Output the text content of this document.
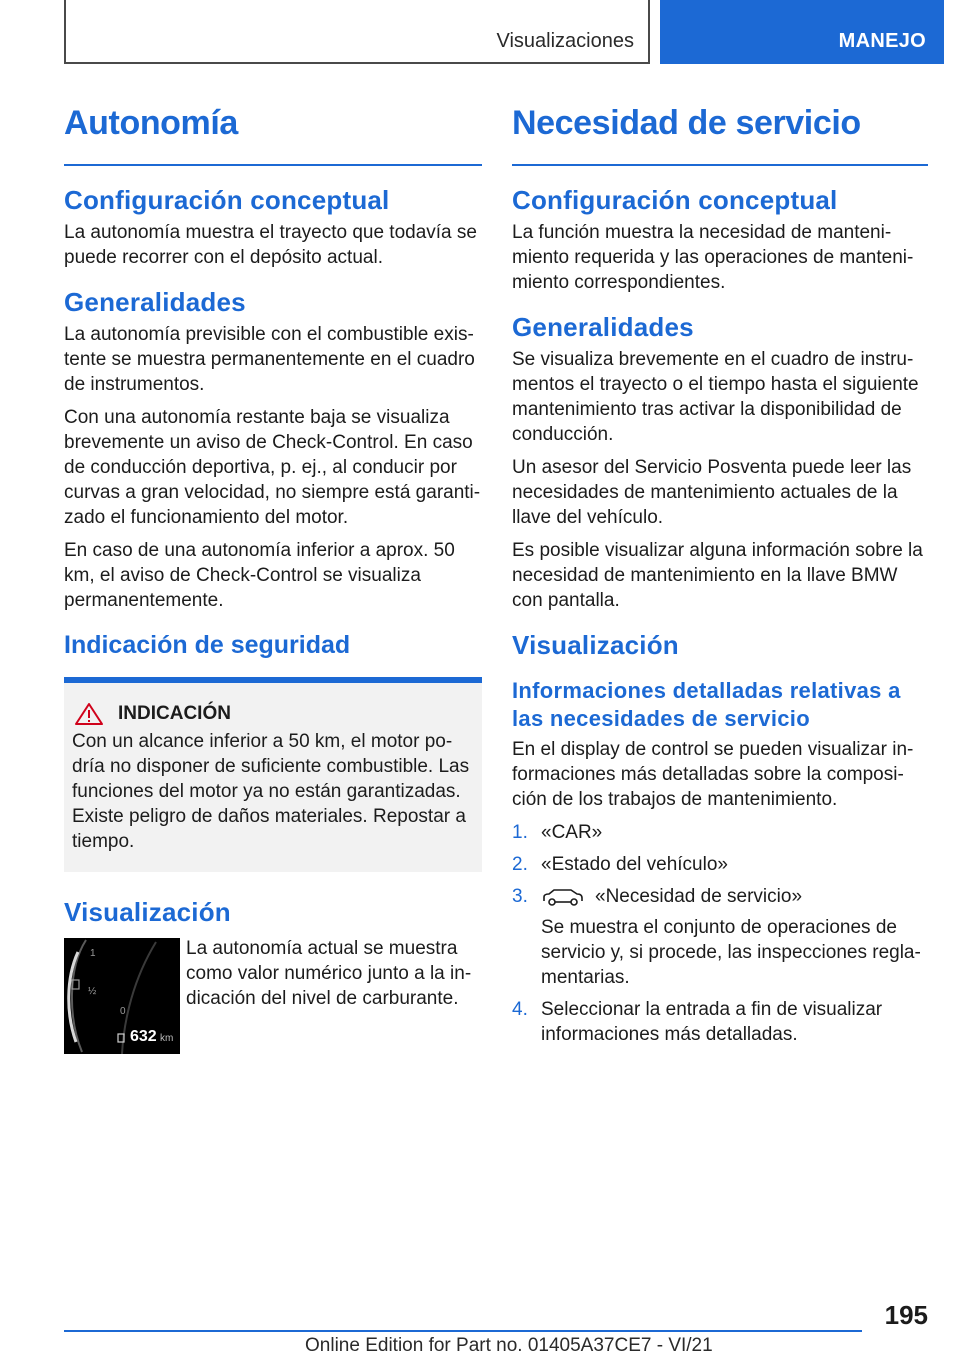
Visualizaciones	MANEJO
Autonomía
Configuración conceptual

La autonomía muestra el trayecto que todavía se puede recorrer con el depósito actual.

Generalidades

La autonomía previsible con el combustible existente se muestra permanentemente en el cuadro de instrumentos.

Con una autonomía restante baja se visualiza brevemente un aviso de Check-Control. En caso de conducción deportiva, p. ej., al conducir por curvas a gran velocidad, no siempre está garantizado el funcionamiento del motor.

En caso de una autonomía inferior a aprox. 50 km, el aviso de Check-Control se visualiza permanentemente.

Indicación de seguridad
INDICACIÓN

Con un alcance inferior a 50 km, el motor podría no disponer de suficiente combustible. Las funciones del motor ya no están garantizadas. Existe peligro de daños materiales. Repostar a tiempo.

Visualización
1
½
0
632 km

La autonomía actual se muestra como valor numérico junto a la indicación del nivel de carburante.

Necesidad de servicio
Configuración conceptual

La función muestra la necesidad de mantenimiento requerida y las operaciones de mantenimiento correspondientes.

Generalidades

Se visualiza brevemente en el cuadro de instrumentos el trayecto o el tiempo hasta el siguiente mantenimiento tras activar la disponibilidad de conducción.

Un asesor del Servicio Posventa puede leer las necesidades de mantenimiento actuales de la llave del vehículo.

Es posible visualizar alguna información sobre la necesidad de mantenimiento en la llave BMW con pantalla.

Visualización
Informaciones detalladas relativas a las necesidades de servicio

En el display de control se pueden visualizar informaciones más detalladas sobre la composición de los trabajos de mantenimiento.

1. «CAR»
2. «Estado del vehículo»
3.	«Necesidad de servicio»
Se muestra el conjunto de operaciones de servicio y, si procede, las inspecciones reglamentarias.
4. Seleccionar la entrada a fin de visualizar informaciones más detalladas.
195
Online Edition for Part no. 01405A37CE7 - VI/21
